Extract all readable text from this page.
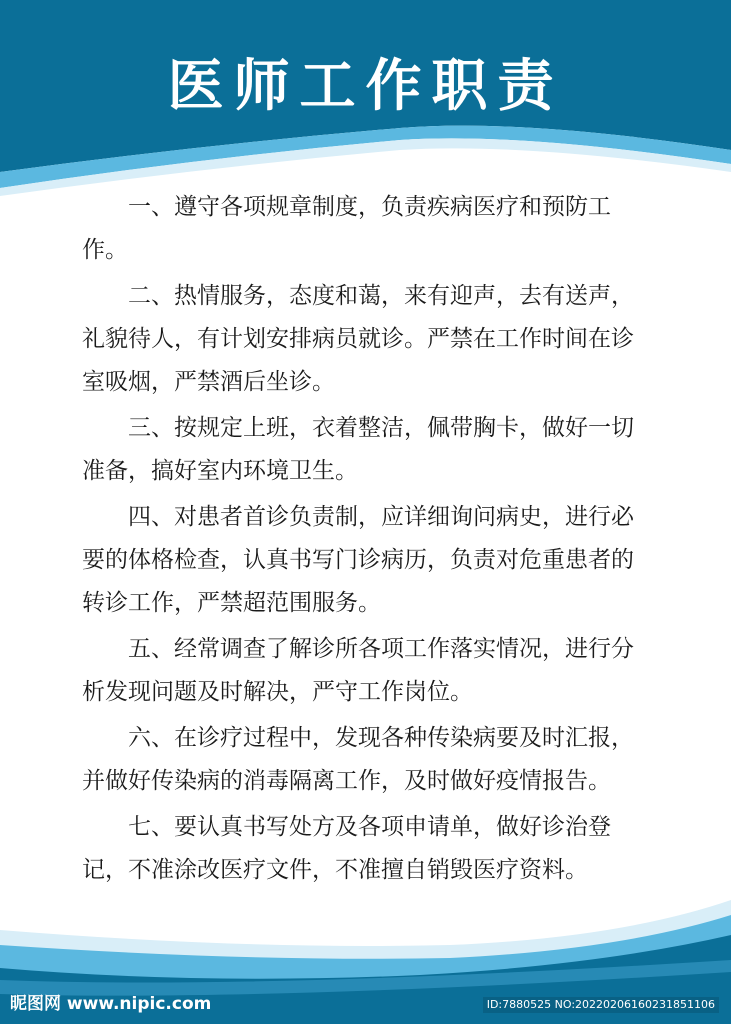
医师工作职责

一、遵守各项规章制度，负责疾病医疗和预防工作。

二、热情服务，态度和蔼，来有迎声，去有送声，礼貌待人，有计划安排病员就诊。严禁在工作时间在诊室吸烟，严禁酒后坐诊。

三、按规定上班，衣着整洁，佩带胸卡，做好一切准备，搞好室内环境卫生。

四、对患者首诊负责制，应详细询问病史，进行必要的体格检查，认真书写门诊病历，负责对危重患者的转诊工作，严禁超范围服务。

五、经常调查了解诊所各项工作落实情况，进行分析发现问题及时解决，严守工作岗位。

六、在诊疗过程中，发现各种传染病要及时汇报，并做好传染病的消毒隔离工作，及时做好疫情报告。

七、要认真书写处方及各项申请单，做好诊治登记，不准涂改医疗文件，不准擅自销毁医疗资料。

昵图网 www.nipic.com	ID:7880525 NO:20220206160231851106
